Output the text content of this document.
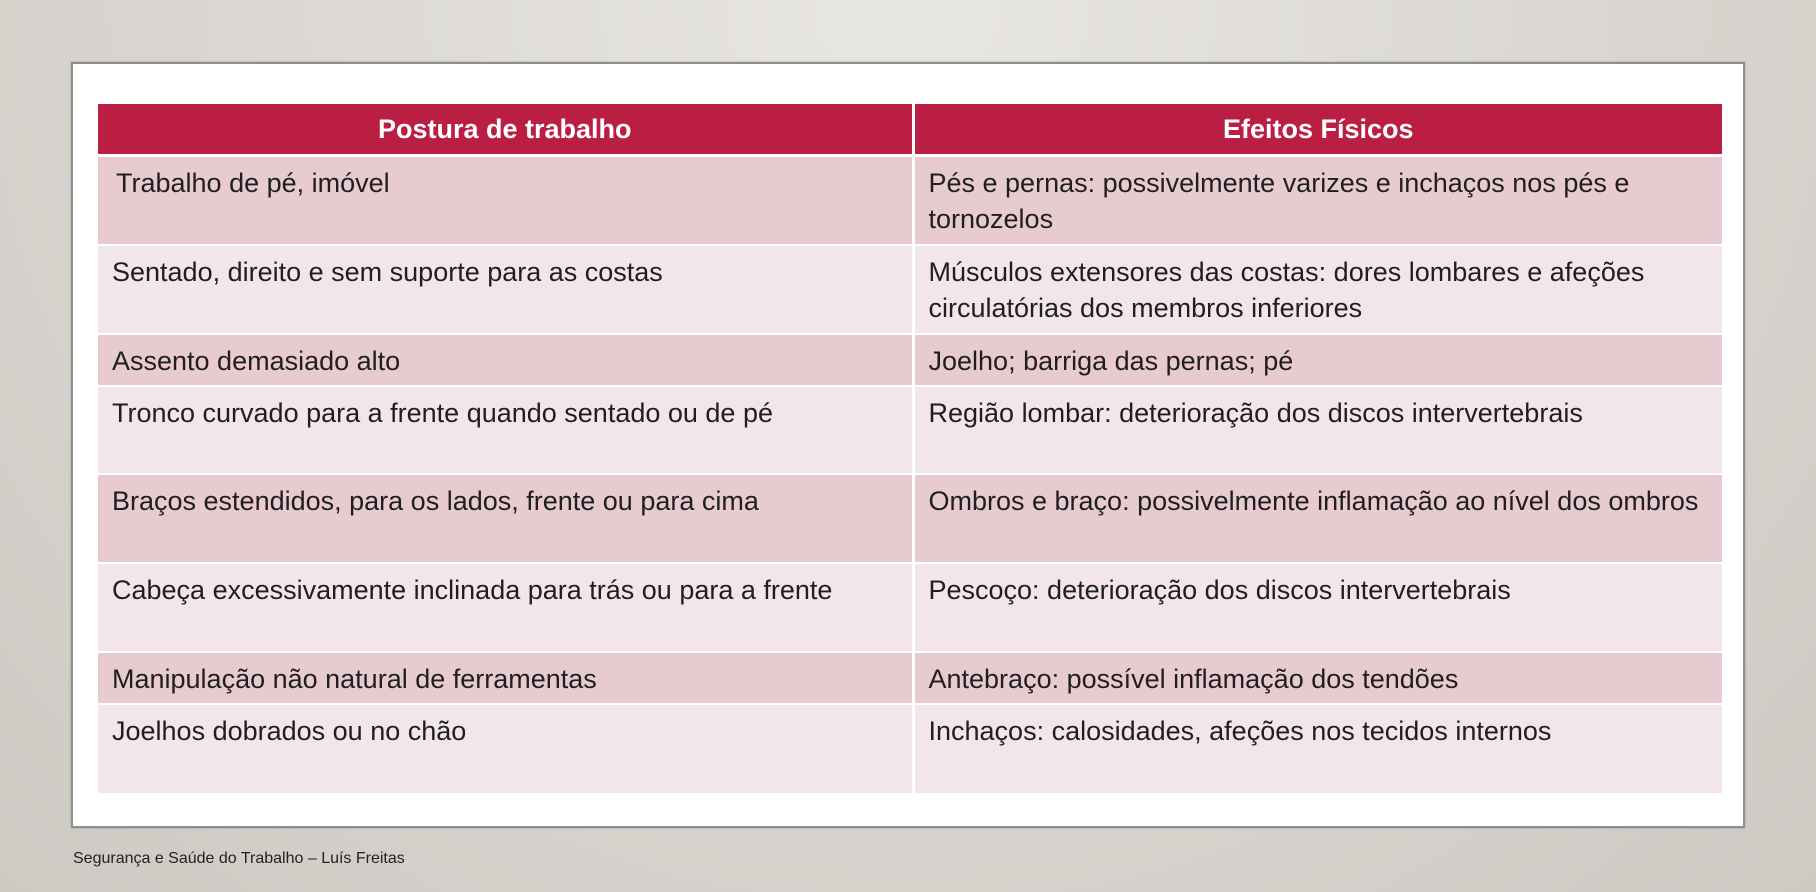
Postura de trabalho	Efeitos Físicos
Trabalho de pé, imóvel	Pés e pernas: possivelmente varizes e inchaços nos pés e tornozelos
Sentado, direito e sem suporte para as costas	Músculos extensores das costas: dores lombares e afeções circulatórias dos membros inferiores
Assento demasiado alto	Joelho; barriga das pernas; pé
Tronco curvado para a frente quando sentado ou de pé	Região lombar: deterioração dos discos intervertebrais
Braços estendidos, para os lados, frente ou para cima	Ombros e braço: possivelmente inflamação ao nível dos ombros
Cabeça excessivamente inclinada para trás ou para a frente	Pescoço: deterioração dos discos intervertebrais
Manipulação não natural de ferramentas	Antebraço: possível inflamação dos tendões
Joelhos dobrados ou no chão	Inchaços: calosidades, afeções nos tecidos internos
Segurança e Saúde do Trabalho – Luís Freitas
